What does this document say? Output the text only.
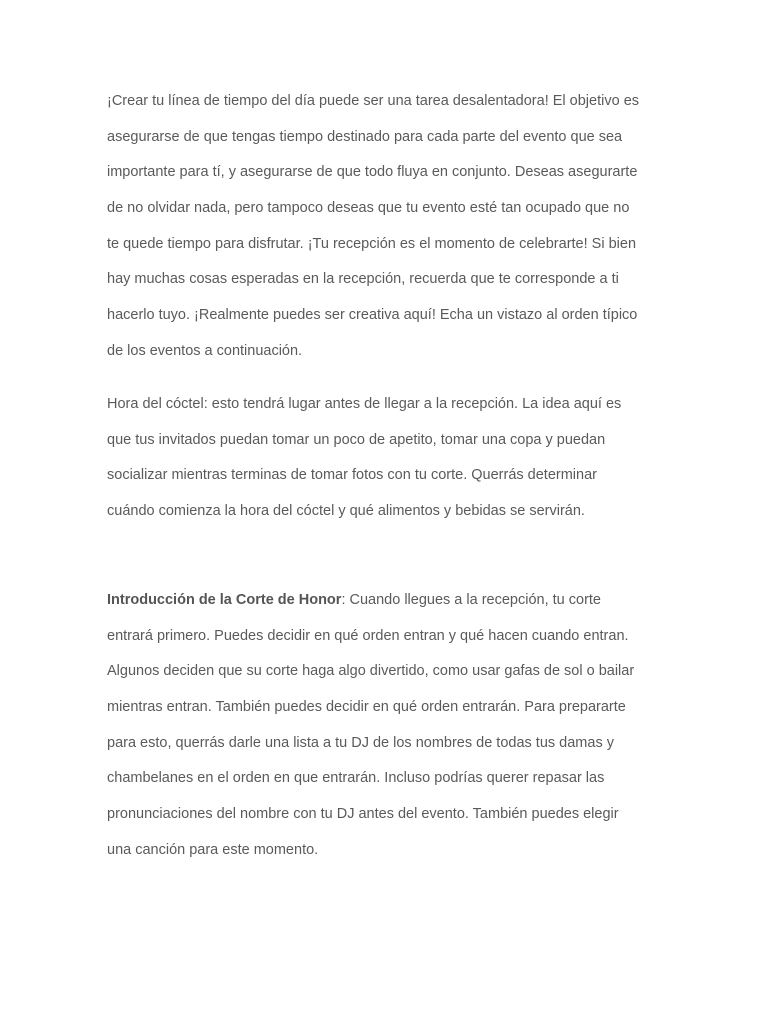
¡Crear tu línea de tiempo del día puede ser una tarea desalentadora! El objetivo es
asegurarse de que tengas tiempo destinado para cada parte del evento que sea
importante para tí, y asegurarse de que todo fluya en conjunto. Deseas asegurarte
de no olvidar nada, pero tampoco deseas que tu evento esté tan ocupado que no
te quede tiempo para disfrutar. ¡Tu recepción es el momento de celebrarte! Si bien
hay muchas cosas esperadas en la recepción, recuerda que te corresponde a ti
hacerlo tuyo. ¡Realmente puedes ser creativa aquí! Echa un vistazo al orden típico
de los eventos a continuación.

Hora del cóctel: esto tendrá lugar antes de llegar a la recepción. La idea aquí es
que tus invitados puedan tomar un poco de apetito, tomar una copa y puedan
socializar mientras terminas de tomar fotos con tu corte. Querrás determinar
cuándo comienza la hora del cóctel y qué alimentos y bebidas se servirán.

Introducción de la Corte de Honor: Cuando llegues a la recepción, tu corte
entrará primero. Puedes decidir en qué orden entran y qué hacen cuando entran.
Algunos deciden que su corte haga algo divertido, como usar gafas de sol o bailar
mientras entran. También puedes decidir en qué orden entrarán. Para prepararte
para esto, querrás darle una lista a tu DJ de los nombres de todas tus damas y
chambelanes en el orden en que entrarán. Incluso podrías querer repasar las
pronunciaciones del nombre con tu DJ antes del evento. También puedes elegir
una canción para este momento.
